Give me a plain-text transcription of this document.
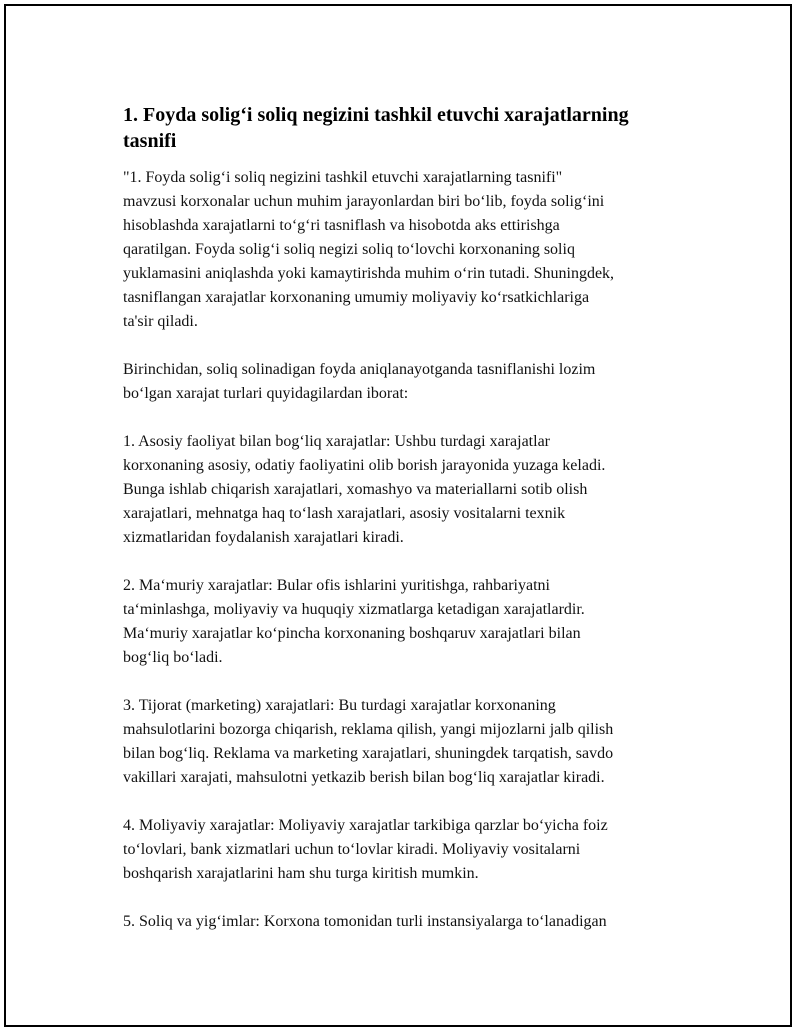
1. Foyda solig‘i soliq negizini tashkil etuvchi xarajatlarning
tasnifi

"1. Foyda solig‘i soliq negizini tashkil etuvchi xarajatlarning tasnifi"
mavzusi korxonalar uchun muhim jarayonlardan biri bo‘lib, foyda solig‘ini
hisoblashda xarajatlarni to‘g‘ri tasniflash va hisobotda aks ettirishga
qaratilgan. Foyda solig‘i soliq negizi soliq to‘lovchi korxonaning soliq
yuklamasini aniqlashda yoki kamaytirishda muhim o‘rin tutadi. Shuningdek,
tasniflangan xarajatlar korxonaning umumiy moliyaviy ko‘rsatkichlariga
ta'sir qiladi.

Birinchidan, soliq solinadigan foyda aniqlanayotganda tasniflanishi lozim
bo‘lgan xarajat turlari quyidagilardan iborat:

1. Asosiy faoliyat bilan bog‘liq xarajatlar: Ushbu turdagi xarajatlar
korxonaning asosiy, odatiy faoliyatini olib borish jarayonida yuzaga keladi.
Bunga ishlab chiqarish xarajatlari, xomashyo va materiallarni sotib olish
xarajatlari, mehnatga haq to‘lash xarajatlari, asosiy vositalarni texnik
xizmatlaridan foydalanish xarajatlari kiradi.

2. Ma‘muriy xarajatlar: Bular ofis ishlarini yuritishga, rahbariyatni
ta‘minlashga, moliyaviy va huquqiy xizmatlarga ketadigan xarajatlardir.
Ma‘muriy xarajatlar ko‘pincha korxonaning boshqaruv xarajatlari bilan
bog‘liq bo‘ladi.

3. Tijorat (marketing) xarajatlari: Bu turdagi xarajatlar korxonaning
mahsulotlarini bozorga chiqarish, reklama qilish, yangi mijozlarni jalb qilish
bilan bog‘liq. Reklama va marketing xarajatlari, shuningdek tarqatish, savdo
vakillari xarajati, mahsulotni yetkazib berish bilan bog‘liq xarajatlar kiradi.

4. Moliyaviy xarajatlar: Moliyaviy xarajatlar tarkibiga qarzlar bo‘yicha foiz
to‘lovlari, bank xizmatlari uchun to‘lovlar kiradi. Moliyaviy vositalarni
boshqarish xarajatlarini ham shu turga kiritish mumkin.

5. Soliq va yig‘imlar: Korxona tomonidan turli instansiyalarga to‘lanadigan
